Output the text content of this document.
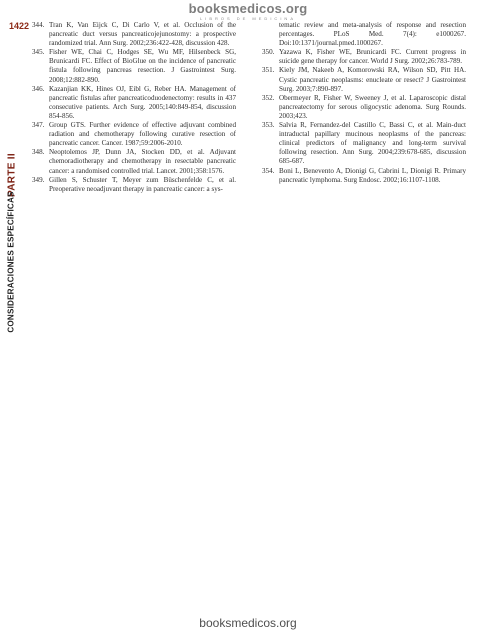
booksmedicos.org
LIBROS DE MEDICINA
1422
PARTE II
CONSIDERACIONES ESPECÍFICAS
344. Tran K, Van Eijck C, Di Carlo V, et al. Occlusion of the pancreatic duct versus pancreaticojejunostomy: a prospective randomized trial. Ann Surg. 2002;236:422-428, discussion 428.
345. Fisher WE, Chai C, Hodges SE, Wu MF, Hilsenbeck SG, Brunicardi FC. Effect of BioGlue on the incidence of pancreatic fistula following pancreas resection. J Gastrointest Surg. 2008;12:882-890.
346. Kazanjian KK, Hines OJ, Eibl G, Reber HA. Management of pancreatic fistulas after pancreaticoduodenectomy: results in 437 consecutive patients. Arch Surg. 2005;140:849-854, discussion 854-856.
347. Group GTS. Further evidence of effective adjuvant combined radiation and chemotherapy following curative resection of pancreatic cancer. Cancer. 1987;59:2006-2010.
348. Neoptolemos JP, Dunn JA, Stocken DD, et al. Adjuvant chemoradiotherapy and chemotherapy in resectable pancreatic cancer: a randomised controlled trial. Lancet. 2001;358:1576.
349. Gillen S, Schuster T, Meyer zum Büschenfelde C, et al. Preoperative neoadjuvant therapy in pancreatic cancer: a sys-
tematic review and meta-analysis of response and resection percentages. PLoS Med. 7(4): e1000267. Doi:10:1371/journal.pmed.1000267.
350. Yazawa K, Fisher WE, Brunicardi FC. Current progress in suicide gene therapy for cancer. World J Surg. 2002;26:783-789.
351. Kiely JM, Nakeeb A, Komorowski RA, Wilson SD, Pitt HA. Cystic pancreatic neoplasms: enucleate or resect? J Gastrointest Surg. 2003;7:890-897.
352. Obermeyer R, Fisher W, Sweeney J, et al. Laparoscopic distal pancreatectomy for serous oligocystic adenoma. Surg Rounds. 2003;423.
353. Salvia R, Fernandez-del Castillo C, Bassi C, et al. Main-duct intraductal papillary mucinous neoplasms of the pancreas: clinical predictors of malignancy and long-term survival following resection. Ann Surg. 2004;239:678-685, discussion 685-687.
354. Boni L, Benevento A, Dionigi G, Cabrini L, Dionigi R. Primary pancreatic lymphoma. Surg Endosc. 2002;16:1107-1108.
booksmedicos.org
